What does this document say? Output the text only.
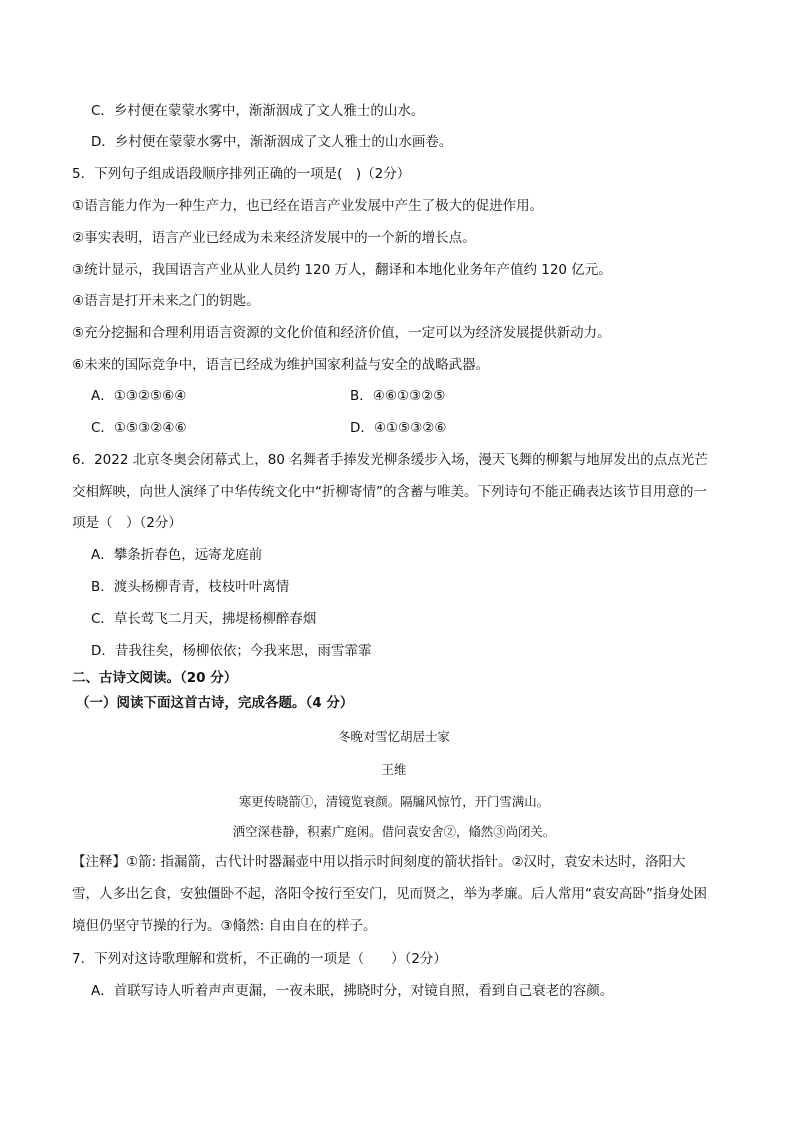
C．乡村便在蒙蒙水雾中，渐渐洇成了文人雅士的山水。
D．乡村便在蒙蒙水雾中，渐渐洇成了文人雅士的山水画卷。
5．下列句子组成语段顺序排列正确的一项是(　)（2分）
①语言能力作为一种生产力，也已经在语言产业发展中产生了极大的促进作用。
②事实表明，语言产业已经成为未来经济发展中的一个新的增长点。
③统计显示，我国语言产业从业人员约 120 万人，翻译和本地化业务年产值约 120 亿元。
④语言是打开未来之门的钥匙。
⑤充分挖掘和合理利用语言资源的文化价值和经济价值，一定可以为经济发展提供新动力。
⑥未来的国际竞争中，语言已经成为维护国家利益与安全的战略武器。
A．①③②⑤⑥④	B．④⑥①③②⑤
C．①⑤③②④⑥	D．④①⑤③②⑥
6．2022 北京冬奥会闭幕式上，80 名舞者手捧发光柳条缓步入场，漫天飞舞的柳絮与地屏发出的点点光芒
交相辉映，向世人演绎了中华传统文化中“折柳寄情”的含蓄与唯美。下列诗句不能正确表达该节目用意的一
项是（　）（2分）
A．攀条折春色，远寄龙庭前
B．渡头杨柳青青，枝枝叶叶离情
C．草长莺飞二月天，拂堤杨柳醉春烟
D．昔我往矣，杨柳依依；今我来思，雨雪霏霏
二、古诗文阅读。（20 分）
（一）阅读下面这首古诗，完成各题。（4 分）
冬晚对雪忆胡居士家
王维
寒更传晓箭①，清镜览衰颜。隔牖风惊竹，开门雪满山。
洒空深巷静，积素广庭闲。借问袁安舍②，翛然③尚闭关。
【注释】①箭: 指漏箭，古代计时器漏壶中用以指示时间刻度的箭状指针。②汉时，袁安未达时，洛阳大
雪，人多出乞食，安独僵卧不起，洛阳令按行至安门，见而贤之，举为孝廉。后人常用“袁安高卧”指身处困
境但仍坚守节操的行为。③翛然: 自由自在的样子。
7．下列对这诗歌理解和赏析，不正确的一项是（　　）（2分）
A．首联写诗人听着声声更漏，一夜未眠，拂晓时分，对镜自照，看到自己衰老的容颜。
